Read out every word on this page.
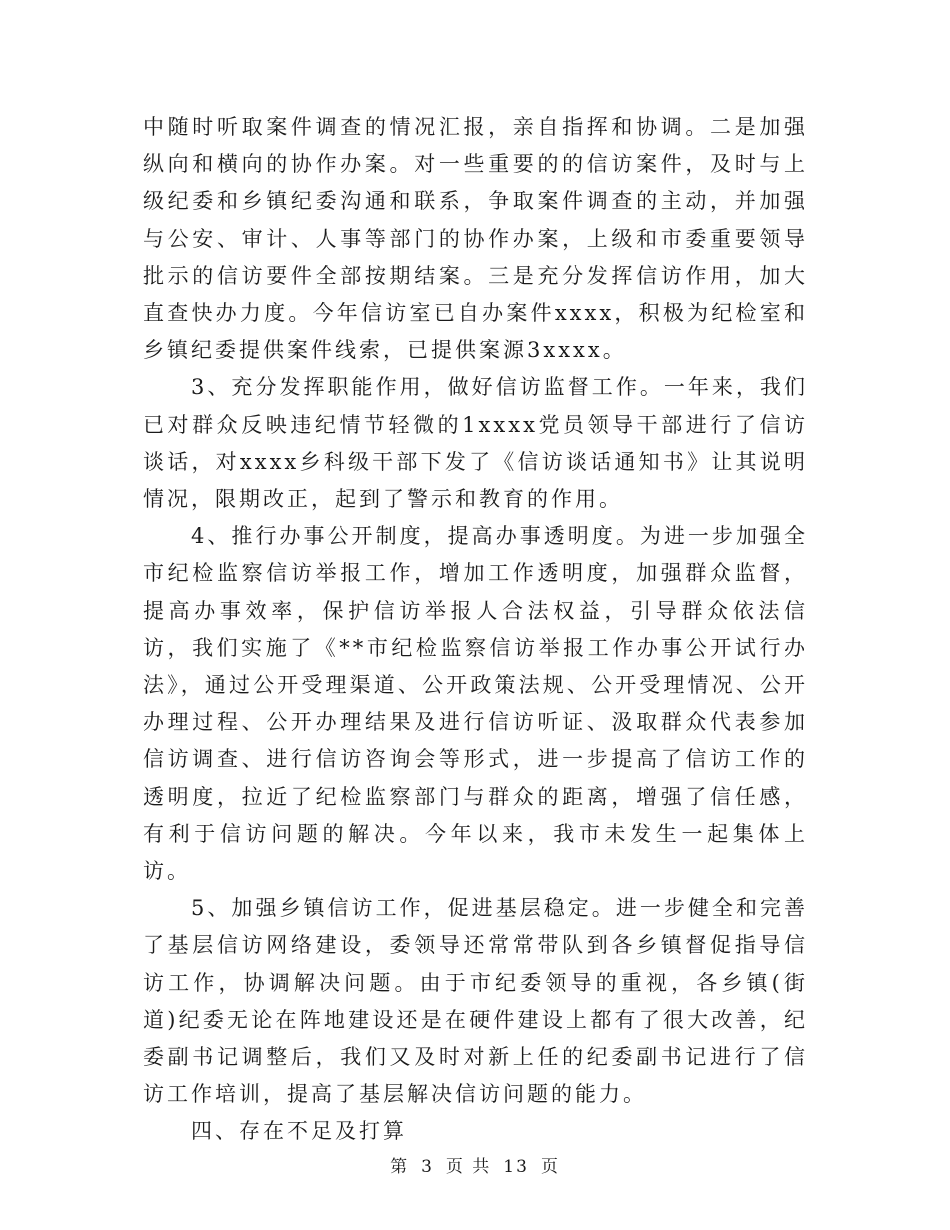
中随时听取案件调查的情况汇报，亲自指挥和协调。二是加强纵向和横向的协作办案。对一些重要的的信访案件，及时与上级纪委和乡镇纪委沟通和联系，争取案件调查的主动，并加强与公安、审计、人事等部门的协作办案，上级和市委重要领导批示的信访要件全部按期结案。三是充分发挥信访作用，加大直查快办力度。今年信访室已自办案件xxxx，积极为纪检室和乡镇纪委提供案件线索，已提供案源3xxxx。

3、充分发挥职能作用，做好信访监督工作。一年来，我们已对群众反映违纪情节轻微的1xxxx党员领导干部进行了信访谈话，对xxxx乡科级干部下发了《信访谈话通知书》让其说明情况，限期改正，起到了警示和教育的作用。

4、推行办事公开制度，提高办事透明度。为进一步加强全市纪检监察信访举报工作，增加工作透明度，加强群众监督，提高办事效率，保护信访举报人合法权益，引导群众依法信访，我们实施了《**市纪检监察信访举报工作办事公开试行办法》，通过公开受理渠道、公开政策法规、公开受理情况、公开办理过程、公开办理结果及进行信访听证、汲取群众代表参加信访调查、进行信访咨询会等形式，进一步提高了信访工作的透明度，拉近了纪检监察部门与群众的距离，增强了信任感，有利于信访问题的解决。今年以来，我市未发生一起集体上访。

5、加强乡镇信访工作，促进基层稳定。进一步健全和完善了基层信访网络建设，委领导还常常带队到各乡镇督促指导信访工作，协调解决问题。由于市纪委领导的重视，各乡镇(街道)纪委无论在阵地建设还是在硬件建设上都有了很大改善，纪委副书记调整后，我们又及时对新上任的纪委副书记进行了信访工作培训，提高了基层解决信访问题的能力。

四、存在不足及打算

第 3 页 共 13 页
